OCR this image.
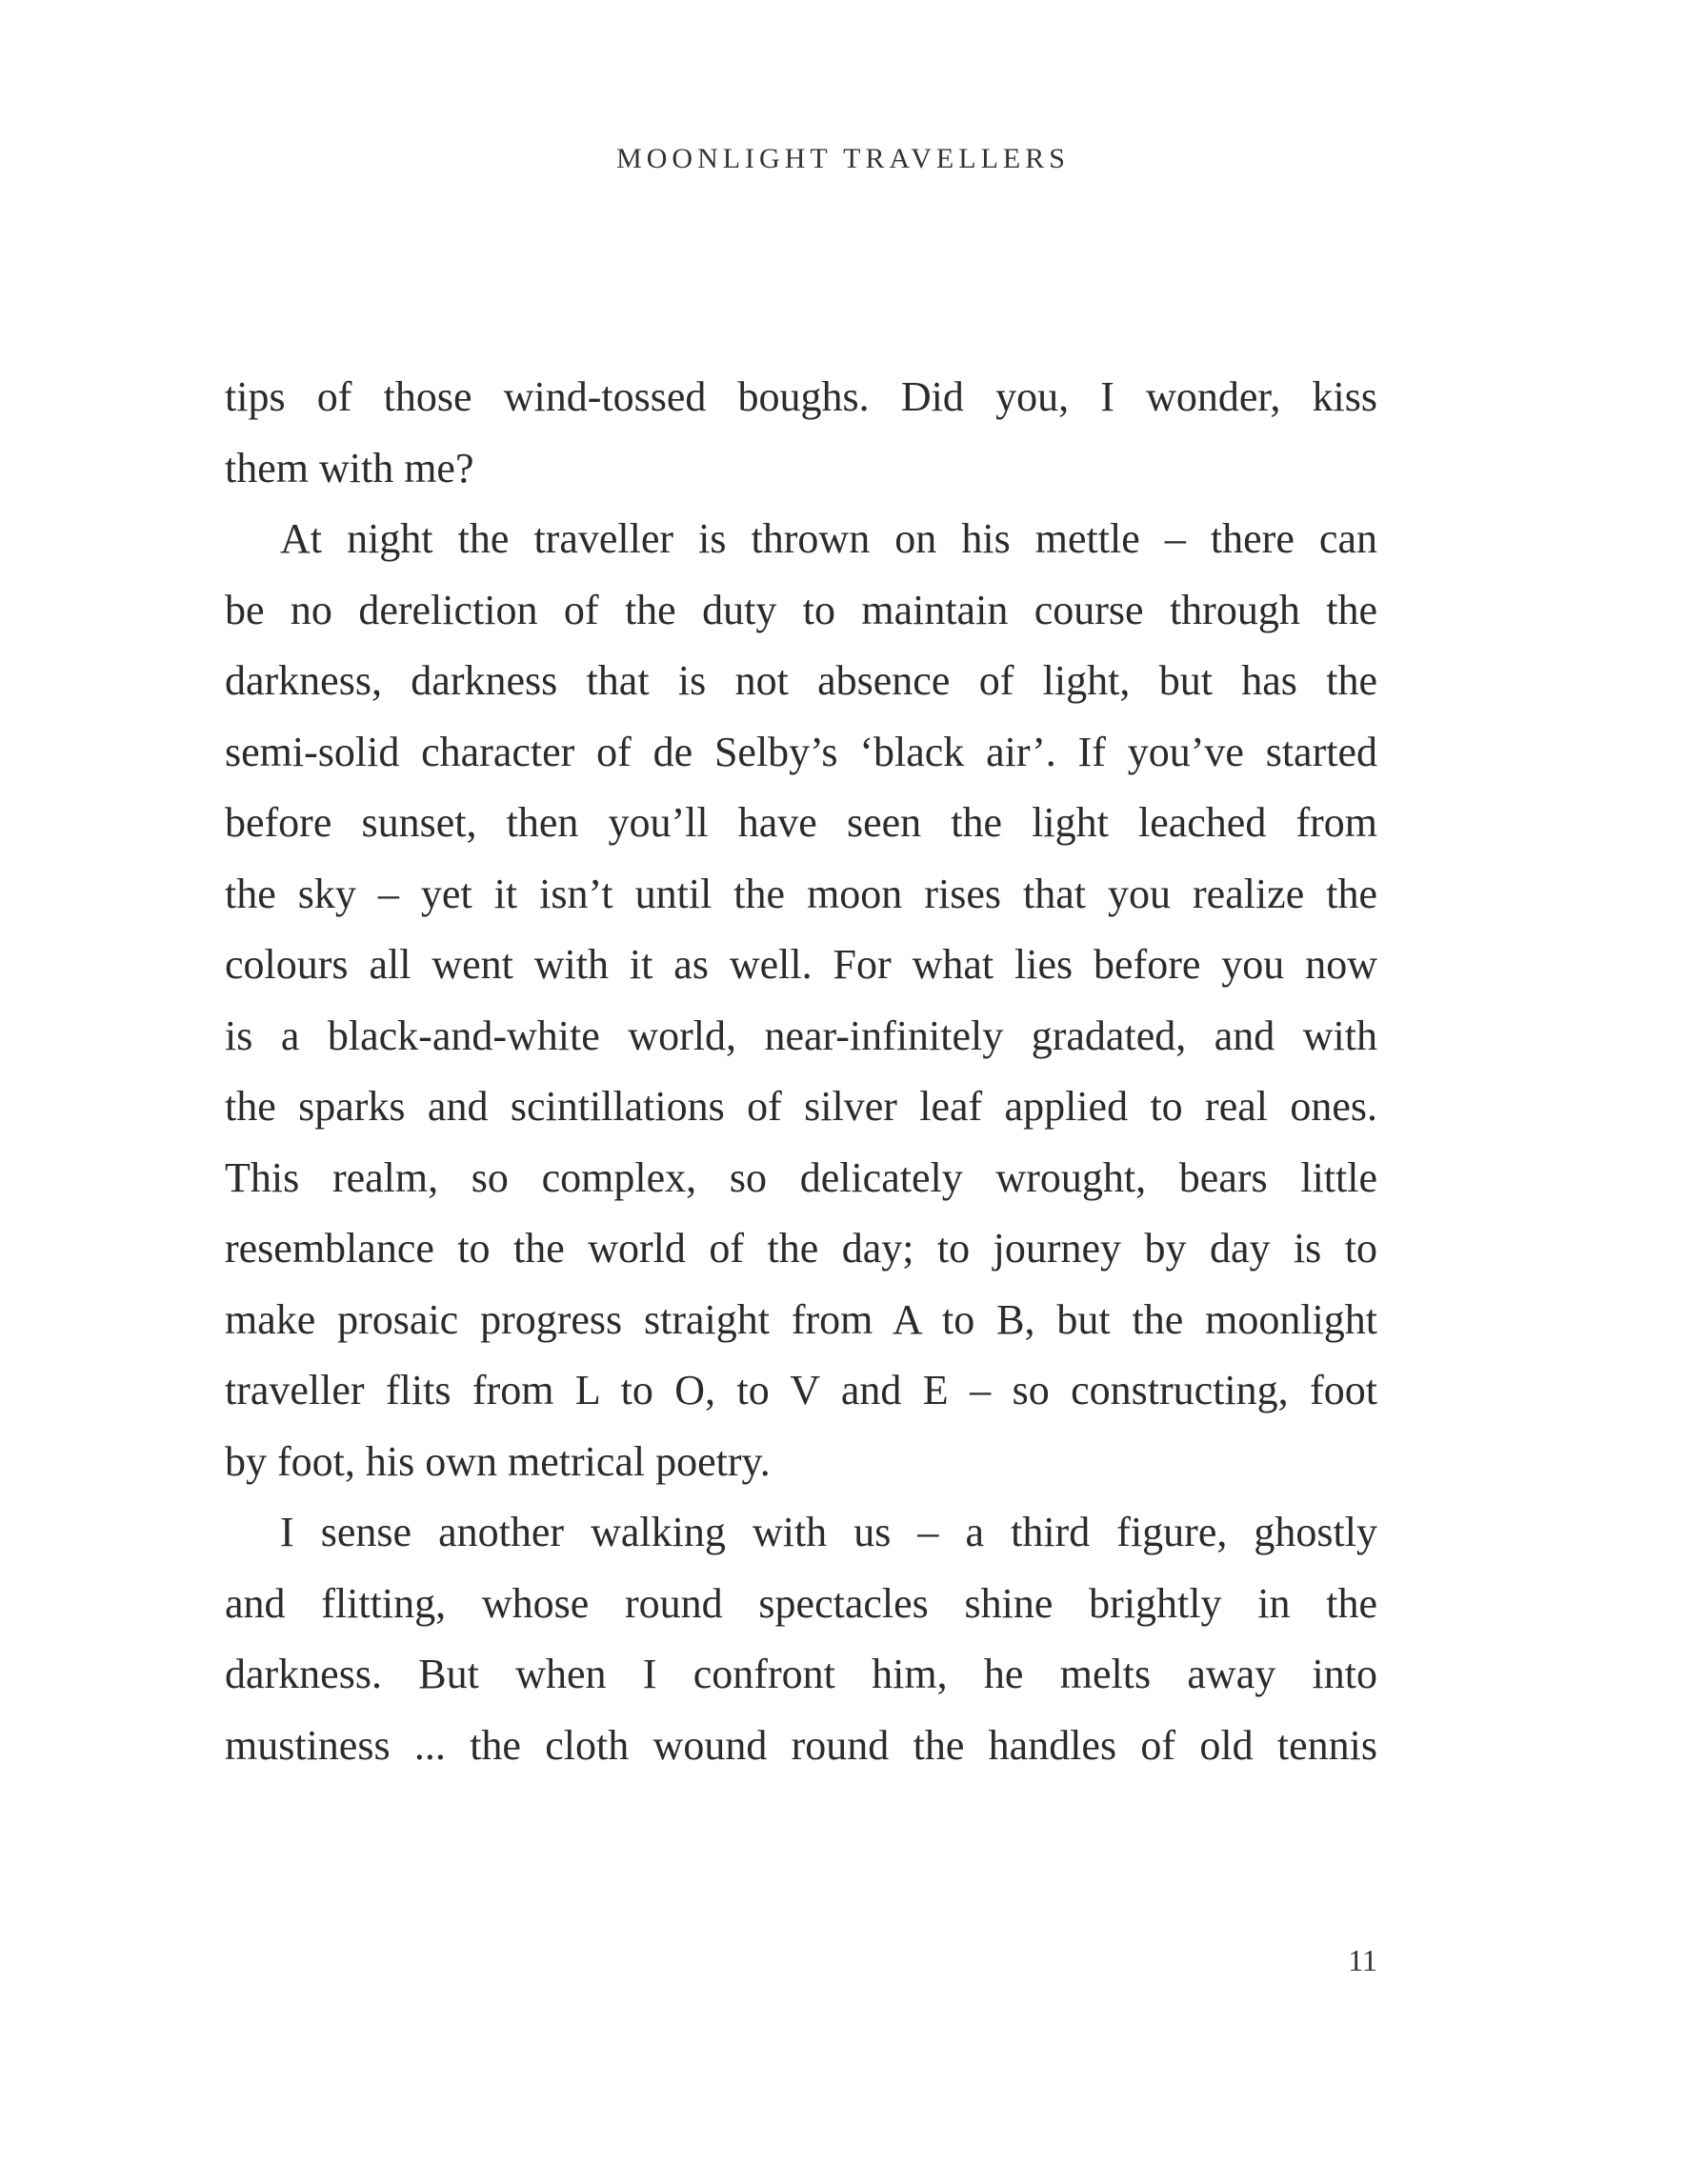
MOONLIGHT TRAVELLERS
tips of those wind-tossed boughs. Did you, I wonder, kiss
them with me?
At night the traveller is thrown on his mettle – there can
be no dereliction of the duty to maintain course through the
darkness, darkness that is not absence of light, but has the
semi-solid character of de Selby’s ‘black air’. If you’ve started
before sunset, then you’ll have seen the light leached from
the sky – yet it isn’t until the moon rises that you realize the
colours all went with it as well. For what lies before you now
is a black-and-white world, near-infinitely gradated, and with
the sparks and scintillations of silver leaf applied to real ones.
This realm, so complex, so delicately wrought, bears little
resemblance to the world of the day; to journey by day is to
make prosaic progress straight from A to B, but the moonlight
traveller flits from L to O, to V and E – so constructing, foot
by foot, his own metrical poetry.
I sense another walking with us – a third figure, ghostly
and flitting, whose round spectacles shine brightly in the
darkness. But when I confront him, he melts away into
mustiness ... the cloth wound round the handles of old tennis
11
